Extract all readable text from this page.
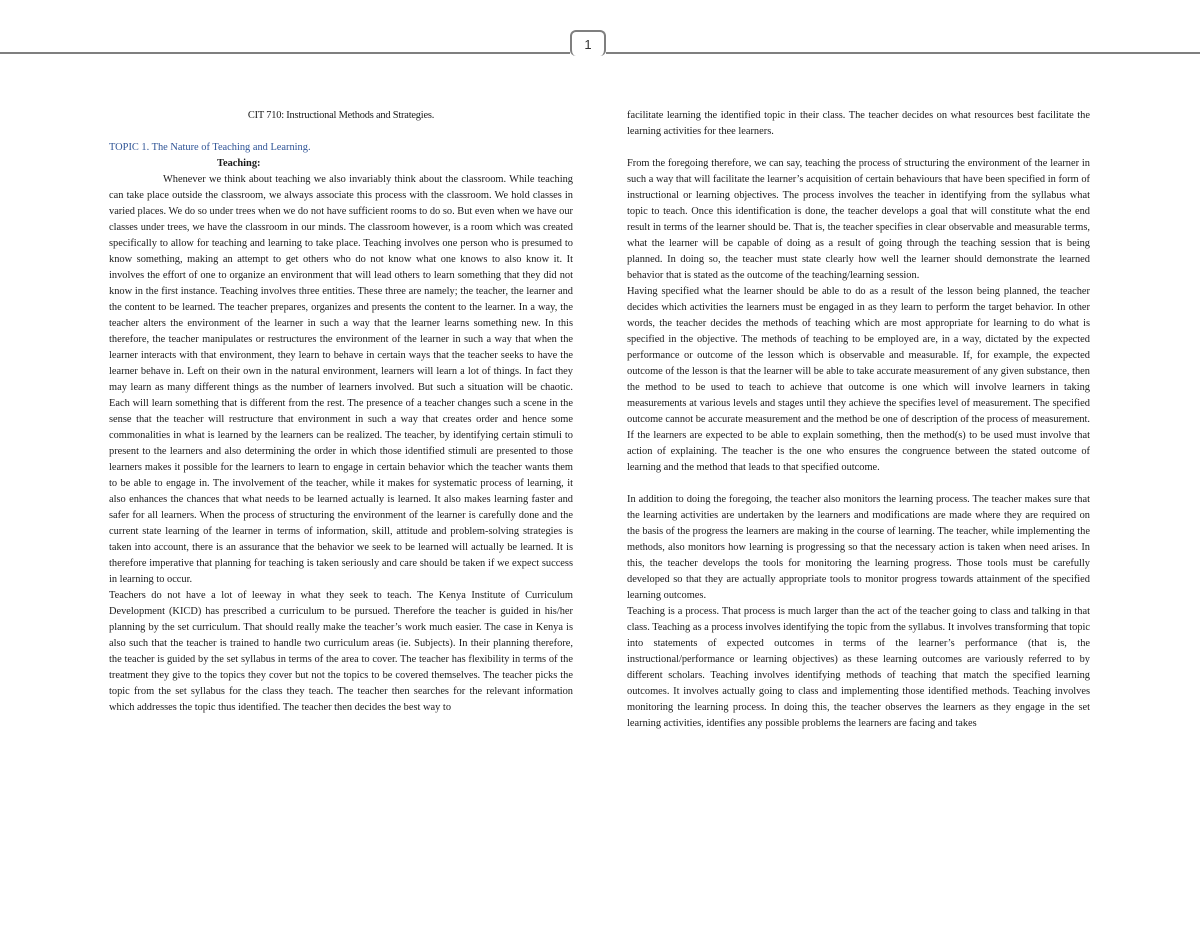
1

CIT 710: Instructional Methods and Strategies.

TOPIC 1. The Nature of Teaching and Learning.

Teaching:

Whenever we think about teaching we also invariably think about the classroom. While teaching can take place outside the classroom, we always associate this process with the classroom. We hold classes in varied places. We do so under trees when we do not have sufficient rooms to do so. But even when we have our classes under trees, we have the classroom in our minds. The classroom however, is a room which was created specifically to allow for teaching and learning to take place. Teaching involves one person who is presumed to know something, making an attempt to get others who do not know what one knows to also know it. It involves the effort of one to organize an environment that will lead others to learn something that they did not know in the first instance. Teaching involves three entities. These three are namely; the teacher, the learner and the content to be learned. The teacher prepares, organizes and presents the content to the learner. In a way, the teacher alters the environment of the learner in such a way that the learner learns something new. In this therefore, the teacher manipulates or restructures the environment of the learner in such a way that when the learner interacts with that environment, they learn to behave in certain ways that the teacher seeks to have the learner behave in. Left on their own in the natural environment, learners will learn a lot of things. In fact they may learn as many different things as the number of learners involved. But such a situation will be chaotic. Each will learn something that is different from the rest. The presence of a teacher changes such a scene in the sense that the teacher will restructure that environment in such a way that creates order and hence some commonalities in what is learned by the learners can be realized. The teacher, by identifying certain stimuli to present to the learners and also determining the order in which those identified stimuli are presented to those learners makes it possible for the learners to learn to engage in certain behavior which the teacher wants them to be able to engage in. The involvement of the teacher, while it makes for systematic process of learning, it also enhances the chances that what needs to be learned actually is learned. It also makes learning faster and safer for all learners. When the process of structuring the environment of the learner is carefully done and the current state learning of the learner in terms of information, skill, attitude and problem-solving strategies is taken into account, there is an assurance that the behavior we seek to be learned will actually be learned. It is therefore imperative that planning for teaching is taken seriously and care should be taken if we expect success in learning to occur.

Teachers do not have a lot of leeway in what they seek to teach. The Kenya Institute of Curriculum Development (KICD) has prescribed a curriculum to be pursued. Therefore the teacher is guided in his/her planning by the set curriculum. That should really make the teacher’s work much easier. The case in Kenya is also such that the teacher is trained to handle two curriculum areas (ie. Subjects). In their planning therefore, the teacher is guided by the set syllabus in terms of the area to cover. The teacher has flexibility in terms of the treatment they give to the topics they cover but not the topics to be covered themselves. The teacher picks the topic from the set syllabus for the class they teach. The teacher then searches for the relevant information which addresses the topic thus identified. The teacher then decides the best way to

facilitate learning the identified topic in their class. The teacher decides on what resources best facilitate the learning activities for thee learners.

From the foregoing therefore, we can say, teaching the process of structuring the environment of the learner in such a way that will facilitate the learner’s acquisition of certain behaviours that have been specified in form of instructional or learning objectives. The process involves the teacher in identifying from the syllabus what topic to teach. Once this identification is done, the teacher develops a goal that will constitute what the end result in terms of the learner should be. That is, the teacher specifies in clear observable and measurable terms, what the learner will be capable of doing as a result of going through the teaching session that is being planned. In doing so, the teacher must state clearly how well the learner should demonstrate the learned behavior that is stated as the outcome of the teaching/learning session.

Having specified what the learner should be able to do as a result of the lesson being planned, the teacher decides which activities the learners must be engaged in as they learn to perform the target behavior. In other words, the teacher decides the methods of teaching which are most appropriate for learning to do what is specified in the objective. The methods of teaching to be employed are, in a way, dictated by the expected performance or outcome of the lesson which is observable and measurable. If, for example, the expected outcome of the lesson is that the learner will be able to take accurate measurement of any given substance, then the method to be used to teach to achieve that outcome is one which will involve learners in taking measurements at various levels and stages until they achieve the specifies level of measurement. The specified outcome cannot be accurate measurement and the method be one of description of the process of measurement. If the learners are expected to be able to explain something, then the method(s) to be used must involve that action of explaining. The teacher is the one who ensures the congruence between the stated outcome of learning and the method that leads to that specified outcome.

In addition to doing the foregoing, the teacher also monitors the learning process. The teacher makes sure that the learning activities are undertaken by the learners and modifications are made where they are required on the basis of the progress the learners are making in the course of learning. The teacher, while implementing the methods, also monitors how learning is progressing so that the necessary action is taken when need arises. In this, the teacher develops the tools for monitoring the learning progress. Those tools must be carefully developed so that they are actually appropriate tools to monitor progress towards attainment of the specified learning outcomes.

Teaching is a process. That process is much larger than the act of the teacher going to class and talking in that class. Teaching as a process involves identifying the topic from the syllabus. It involves transforming that topic into statements of expected outcomes in terms of the learner’s performance (that is, the instructional/performance or learning objectives) as these learning outcomes are variously referred to by different scholars. Teaching involves identifying methods of teaching that match the specified learning outcomes. It involves actually going to class and implementing those identified methods. Teaching involves monitoring the learning process. In doing this, the teacher observes the learners as they engage in the set learning activities, identifies any possible problems the learners are facing and takes
